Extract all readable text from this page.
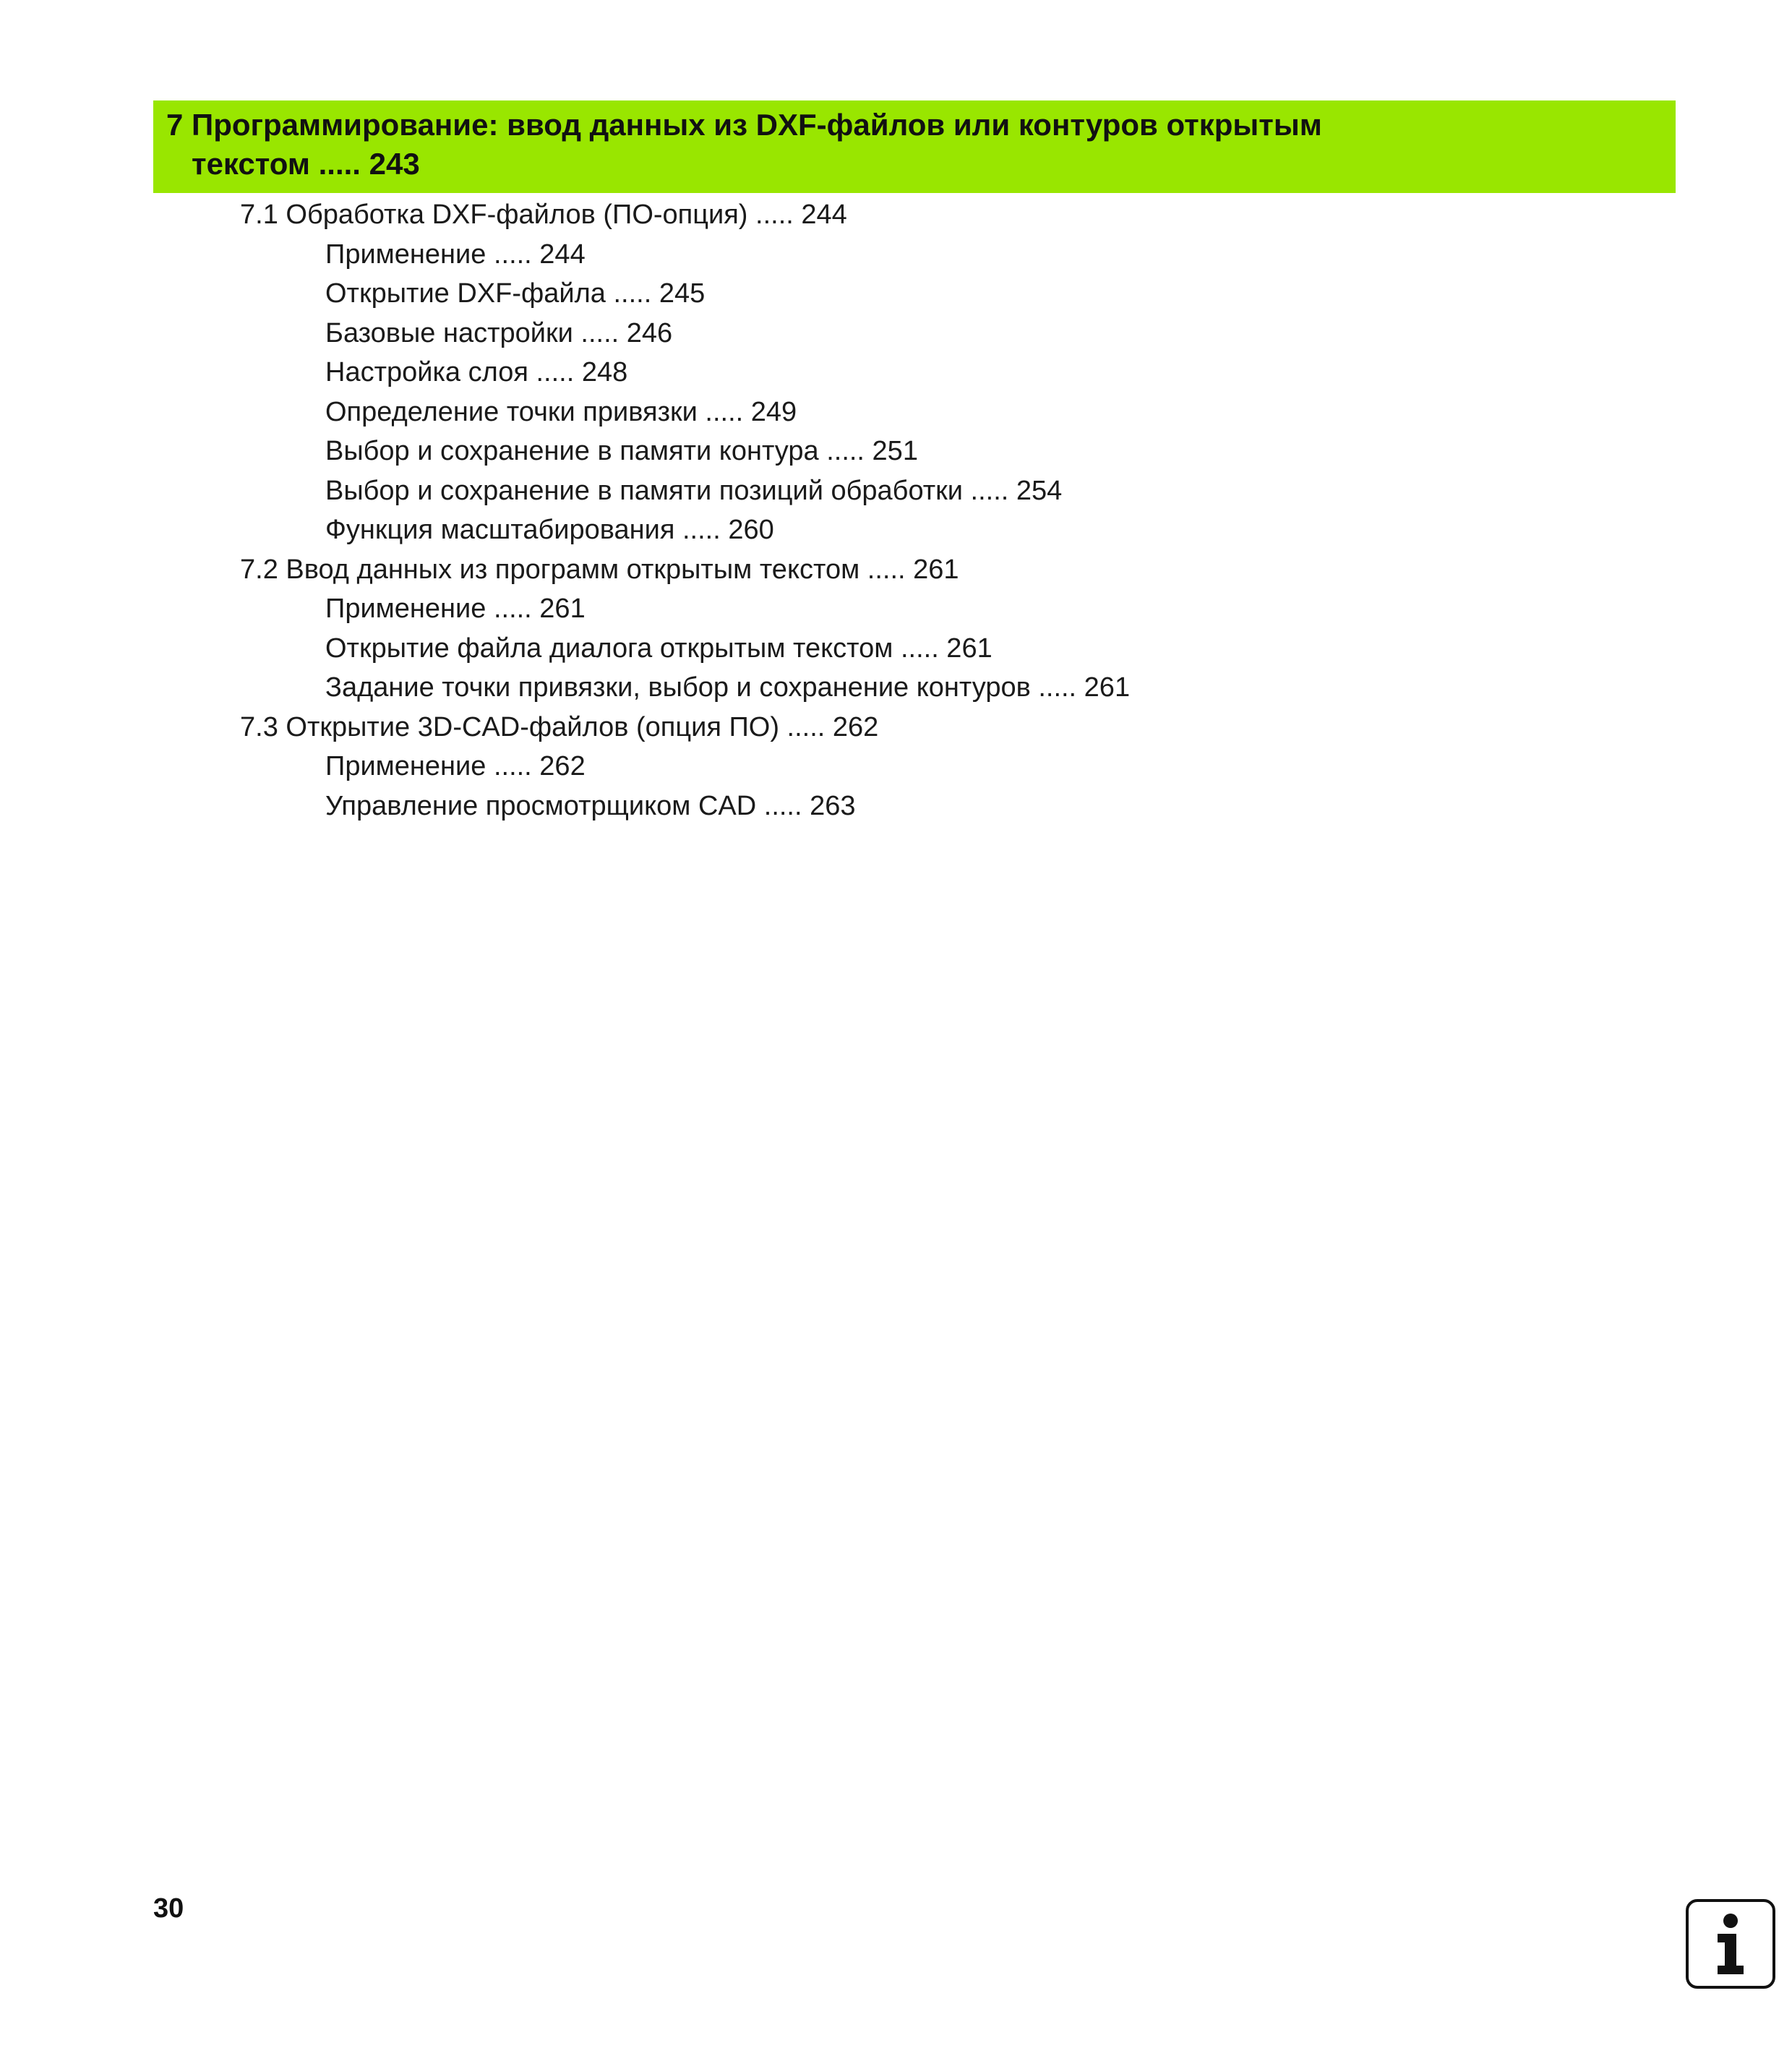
7 Программирование: ввод данных из DXF-файлов или контуров открытым
текстом ..... 243
7.1 Обработка DXF-файлов (ПО-опция) ..... 244
Применение ..... 244
Открытие DXF-файла ..... 245
Базовые настройки ..... 246
Настройка слоя ..... 248
Определение точки привязки ..... 249
Выбор и сохранение в памяти контура ..... 251
Выбор и сохранение в памяти позиций обработки ..... 254
Функция масштабирования ..... 260
7.2 Ввод данных из программ открытым текстом ..... 261
Применение ..... 261
Открытие файла диалога открытым текстом ..... 261
Задание точки привязки, выбор и сохранение контуров ..... 261
7.3 Открытие 3D-CAD-файлов (опция ПО) ..... 262
Применение ..... 262
Управление просмотрщиком CAD ..... 263
30
